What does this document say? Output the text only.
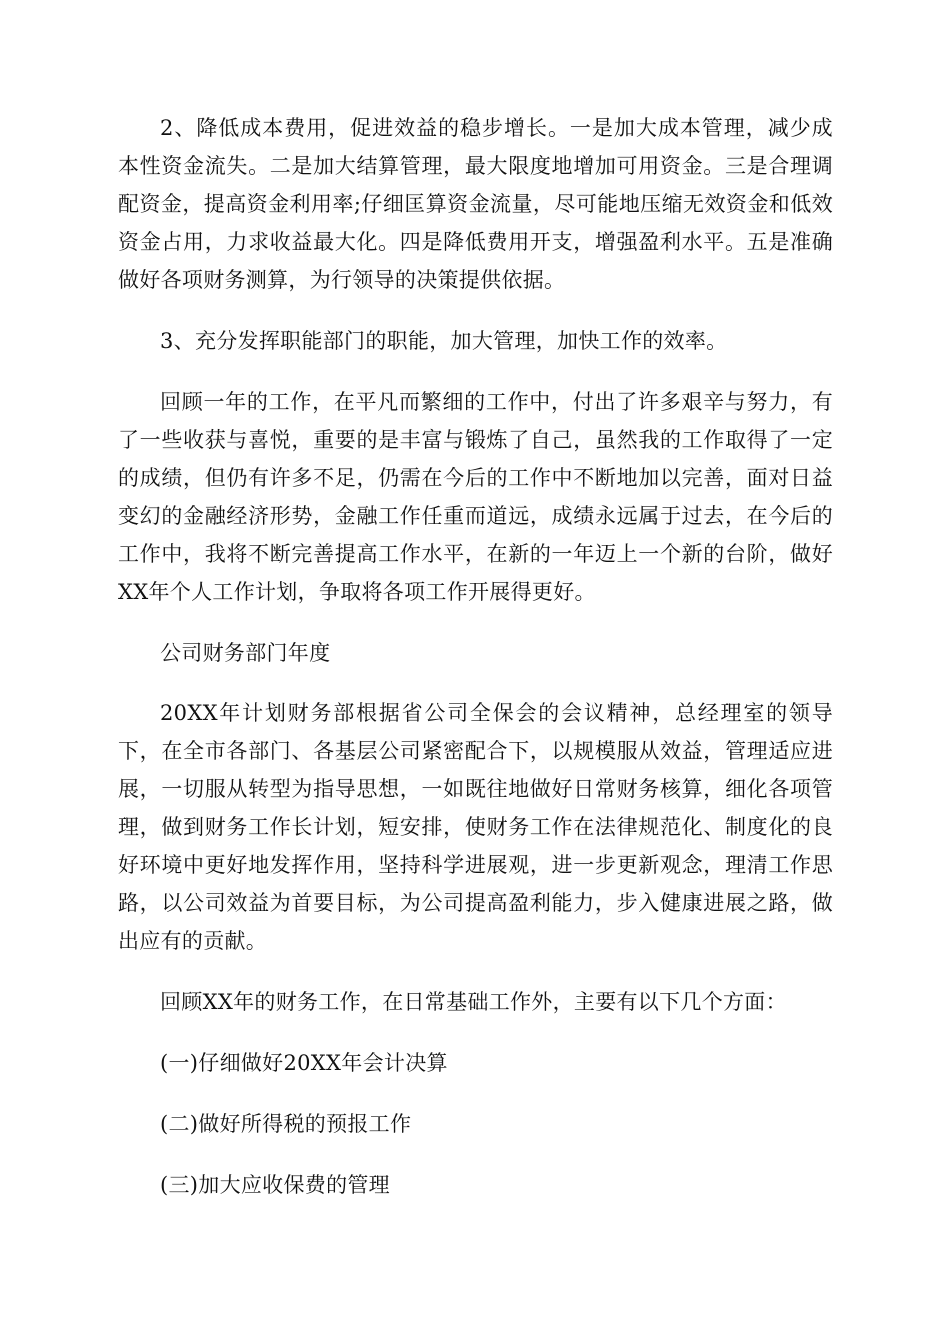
2、降低成本费用，促进效益的稳步增长。一是加大成本管理，减少成本性资金流失。二是加大结算管理，最大限度地增加可用资金。三是合理调配资金，提高资金利用率;仔细匡算资金流量，尽可能地压缩无效资金和低效资金占用，力求收益最大化。四是降低费用开支，增强盈利水平。五是准确做好各项财务测算，为行领导的决策提供依据。

3、充分发挥职能部门的职能，加大管理，加快工作的效率。

回顾一年的工作，在平凡而繁细的工作中，付出了许多艰辛与努力，有了一些收获与喜悦，重要的是丰富与锻炼了自己，虽然我的工作取得了一定的成绩，但仍有许多不足，仍需在今后的工作中不断地加以完善，面对日益变幻的金融经济形势，金融工作任重而道远，成绩永远属于过去，在今后的工作中，我将不断完善提高工作水平，在新的一年迈上一个新的台阶，做好XX年个人工作计划，争取将各项工作开展得更好。

公司财务部门年度

20XX年计划财务部根据省公司全保会的会议精神，总经理室的领导下，在全市各部门、各基层公司紧密配合下，以规模服从效益，管理适应进展，一切服从转型为指导思想，一如既往地做好日常财务核算，细化各项管理，做到财务工作长计划，短安排，使财务工作在法律规范化、制度化的良好环境中更好地发挥作用，坚持科学进展观，进一步更新观念，理清工作思路，以公司效益为首要目标，为公司提高盈利能力，步入健康进展之路，做出应有的贡献。

回顾XX年的财务工作，在日常基础工作外，主要有以下几个方面：

(一)仔细做好20XX年会计决算

(二)做好所得税的预报工作

(三)加大应收保费的管理
